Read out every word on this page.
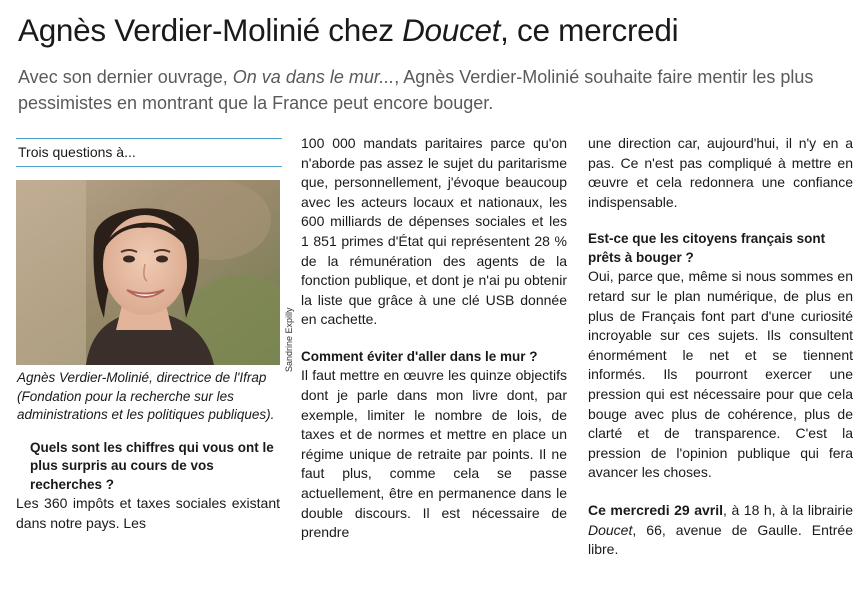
Agnès Verdier-Molinié chez Doucet, ce mercredi
Avec son dernier ouvrage, On va dans le mur..., Agnès Verdier-Molinié souhaite faire mentir les plus pessimistes en montrant que la France peut encore bouger.
Trois questions à...
Agnès Verdier-Molinié, directrice de l'Ifrap (Fondation pour la recherche sur les administrations et les politiques publiques).

Quels sont les chiffres qui vous ont le plus surpris au cours de vos recherches ?

Les 360 impôts et taxes sociales existant dans notre pays. Les

Sandrine Expilly

100 000 mandats paritaires parce qu'on n'aborde pas assez le sujet du paritarisme que, personnellement, j'évoque beaucoup avec les acteurs locaux et nationaux, les 600 milliards de dépenses sociales et les 1 851 primes d'État qui représentent 28 % de la rémunération des agents de la fonction publique, et dont je n'ai pu obtenir la liste que grâce à une clé USB donnée en cachette.

Comment éviter d'aller dans le mur ?

Il faut mettre en œuvre les quinze objectifs dont je parle dans mon livre dont, par exemple, limiter le nombre de lois, de taxes et de normes et mettre en place un régime unique de retraite par points. Il ne faut plus, comme cela se passe actuellement, être en permanence dans le double discours. Il est nécessaire de prendre

une direction car, aujourd'hui, il n'y en a pas. Ce n'est pas compliqué à mettre en œuvre et cela redonnera une confiance indispensable.

Est-ce que les citoyens français sont prêts à bouger ?

Oui, parce que, même si nous sommes en retard sur le plan numérique, de plus en plus de Français font part d'une curiosité incroyable sur ces sujets. Ils consultent énormément le net et se tiennent informés. Ils pourront exercer une pression qui est nécessaire pour que cela bouge avec plus de cohérence, plus de clarté et de transparence. C'est la pression de l'opinion publique qui fera avancer les choses.

Ce mercredi 29 avril, à 18 h, à la librairie Doucet, 66, avenue de Gaulle. Entrée libre.
